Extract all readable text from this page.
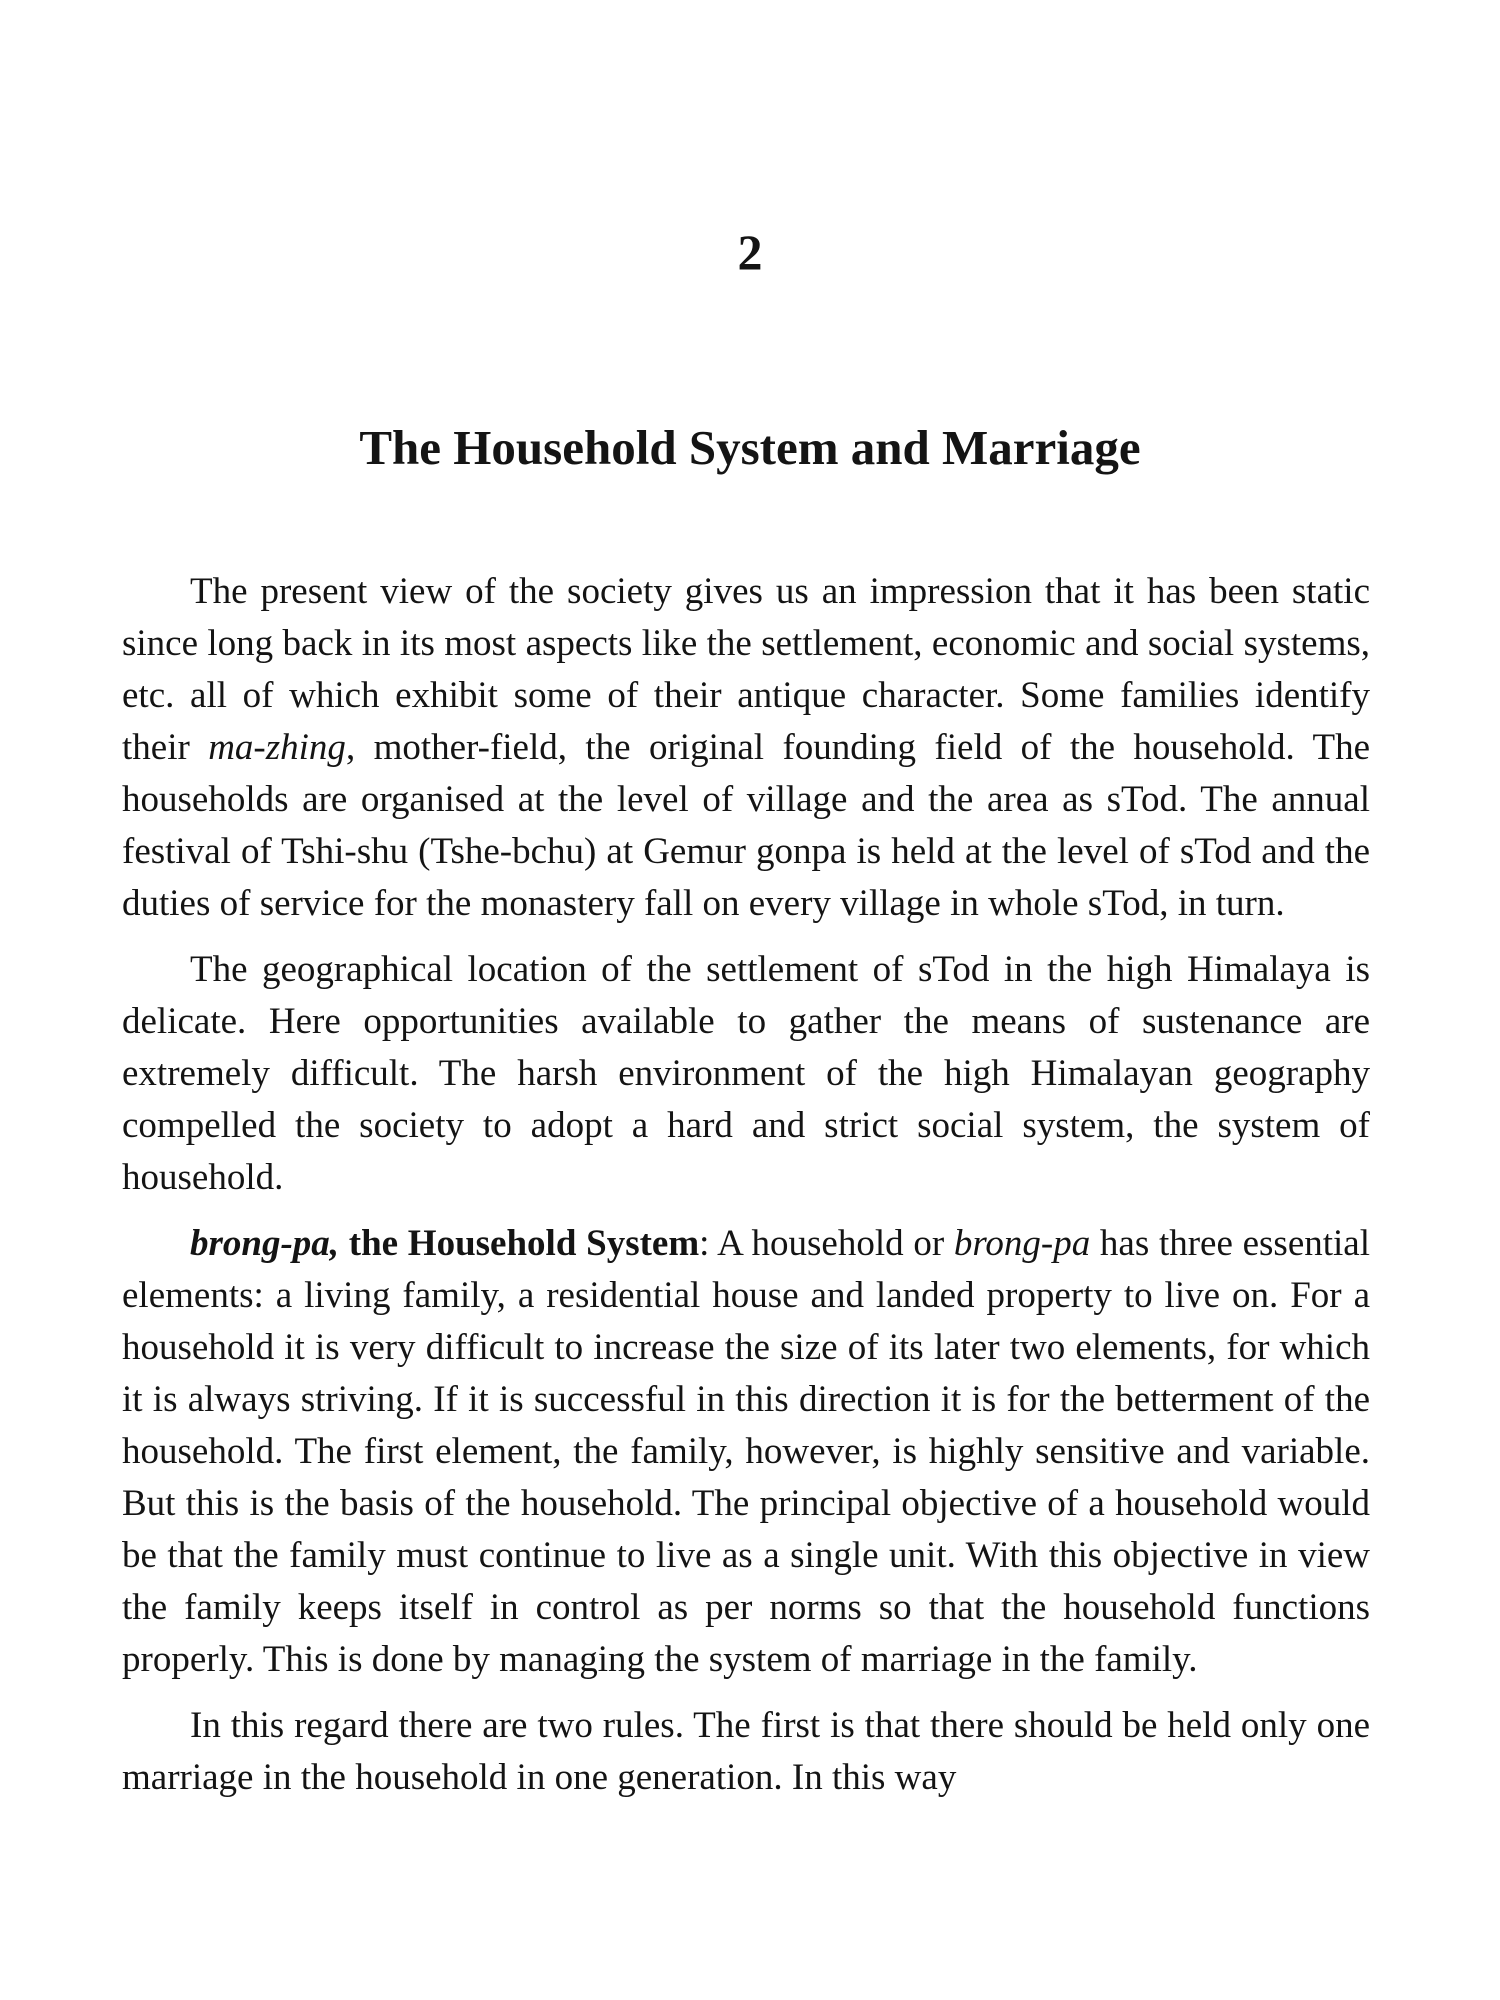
2
The Household System and Marriage

The present view of the society gives us an impression that it has been static since long back in its most aspects like the settlement, economic and social systems, etc. all of which exhibit some of their antique character. Some families identify their ma-zhing, mother-field, the original founding field of the household. The households are organised at the level of village and the area as sTod. The annual festival of Tshi-shu (Tshe-bchu) at Gemur gonpa is held at the level of sTod and the duties of service for the monastery fall on every village in whole sTod, in turn.

The geographical location of the settlement of sTod in the high Himalaya is delicate. Here opportunities available to gather the means of sustenance are extremely difficult. The harsh environment of the high Himalayan geography compelled the society to adopt a hard and strict social system, the system of household.

brong-pa, the Household System: A household or brong-pa has three essential elements: a living family, a residential house and landed property to live on. For a household it is very difficult to increase the size of its later two elements, for which it is always striving. If it is successful in this direction it is for the betterment of the household. The first element, the family, however, is highly sensitive and variable. But this is the basis of the household. The principal objective of a household would be that the family must continue to live as a single unit. With this objective in view the family keeps itself in control as per norms so that the household functions properly. This is done by managing the system of marriage in the family.

In this regard there are two rules. The first is that there should be held only one marriage in the household in one generation. In this way
